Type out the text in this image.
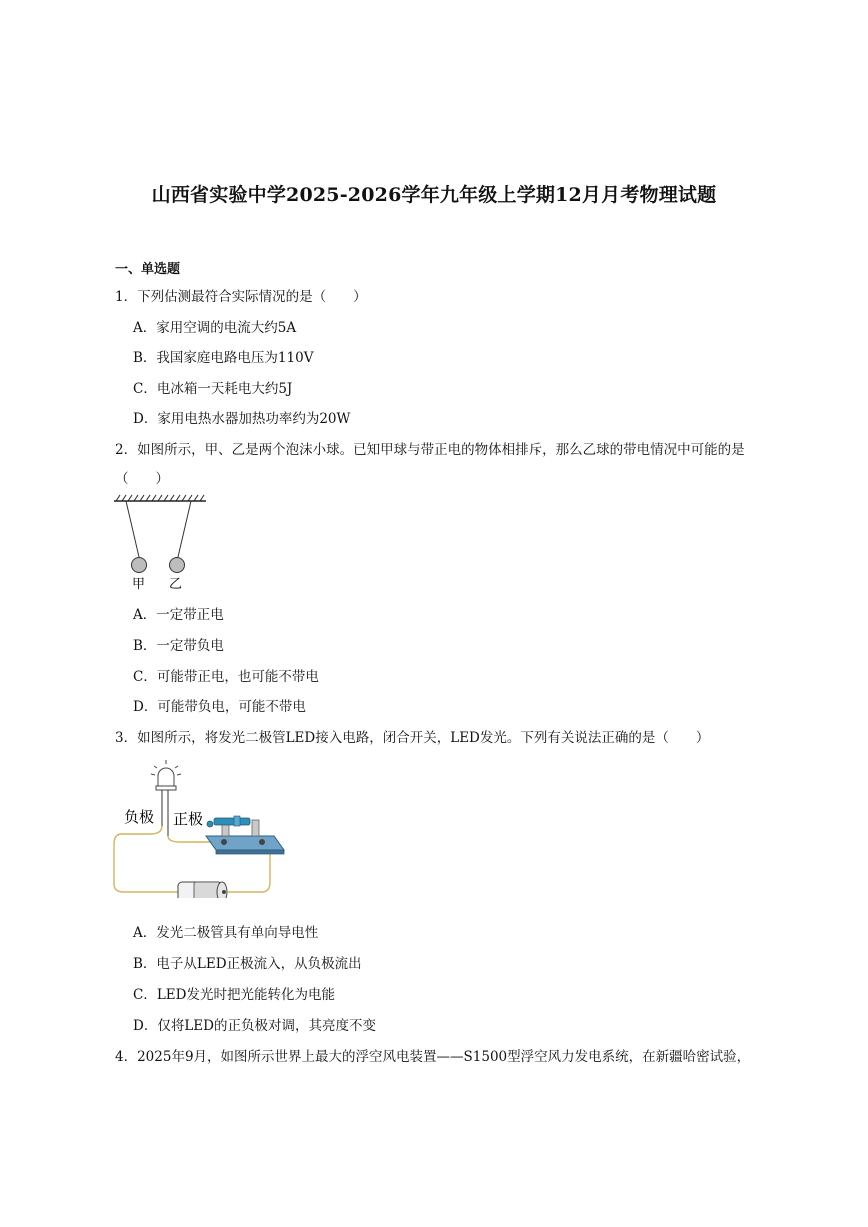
山西省实验中学2025-2026学年九年级上学期12月月考物理试题
一、单选题
1．下列估测最符合实际情况的是（　　）
A．家用空调的电流大约5A
B．我国家庭电路电压为110V
C．电冰箱一天耗电大约5J
D．家用电热水器加热功率约为20W
2．如图所示，甲、乙是两个泡沫小球。已知甲球与带正电的物体相排斥，那么乙球的带电情况中可能的是
（　　）
甲 乙
A．一定带正电
B．一定带负电
C．可能带正电，也可能不带电
D．可能带负电，可能不带电
3．如图所示，将发光二极管LED接入电路，闭合开关，LED发光。下列有关说法正确的是（　　）
负极 正极
A．发光二极管具有单向导电性
B．电子从LED正极流入，从负极流出
C．LED发光时把光能转化为电能
D．仅将LED的正负极对调，其亮度不变
4．2025年9月，如图所示世界上最大的浮空风电装置——S1500型浮空风力发电系统，在新疆哈密试验，
